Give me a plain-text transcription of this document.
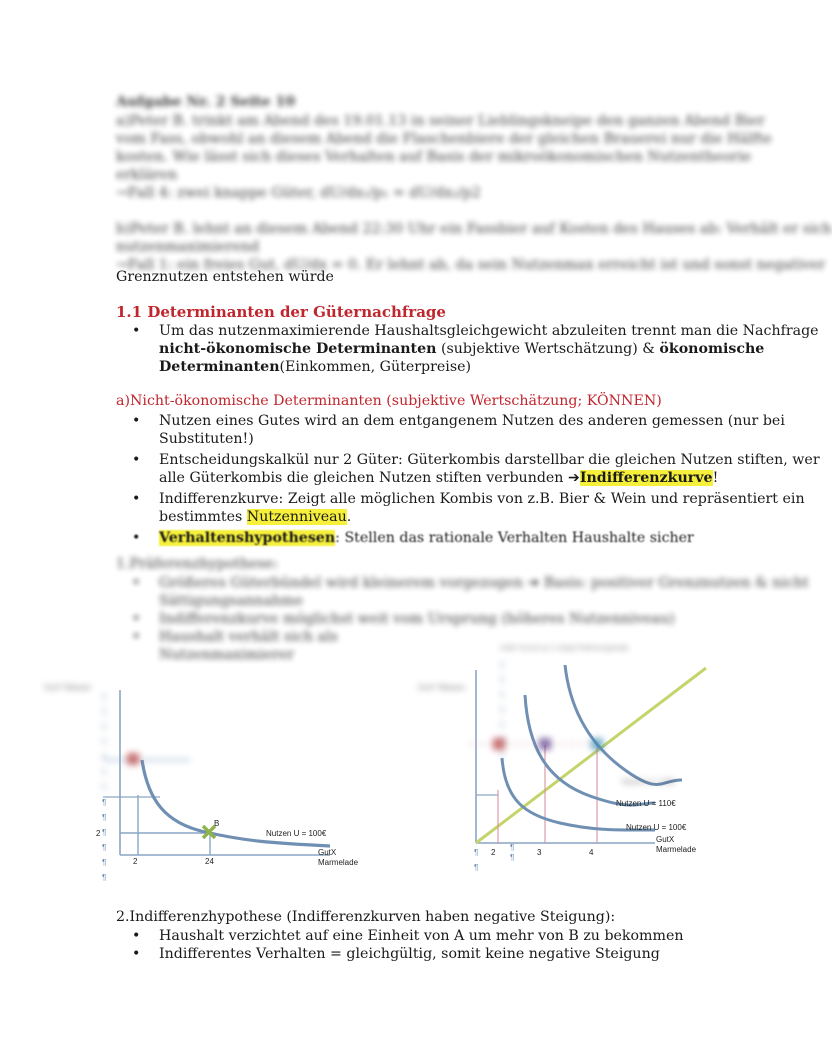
Aufgabe Nr. 2 Seite 10
a)Peter B. trinkt am Abend des 19.01.13 in seiner Lieblingskneipe den ganzen Abend Bier
vom Fass, obwohl an diesem Abend die Flaschenbiere der gleichen Brauerei nur die Hälfte
kosten. Wie lässt sich dieses Verhalten auf Basis der mikroökonomischen Nutzentheorie
erklären
→Fall 4: zwei knappe Güter, dU/dx₁/p₁ = dU/dx₂/p2
b)Peter B. lehnt an diesem Abend 22:30 Uhr ein Fassbier auf Kosten des Hauses ab: Verhält er sich
nutzenmaximierend
→Fall 1: ein freies Gut, dU/dx = 0. Er lehnt ab, da sein Nutzenmax erreicht ist und sonst negativer
Grenznutzen entstehen würde
1.1 Determinanten der Güternachfrage
• Um das nutzenmaximierende Haushaltsgleichgewicht abzuleiten trennt man die Nachfrage
nicht-ökonomische Determinanten (subjektive Wertschätzung) & ökonomische
Determinanten(Einkommen, Güterpreise)
a)Nicht-ökonomische Determinanten (subjektive Wertschätzung; KÖNNEN)
• Nutzen eines Gutes wird an dem entgangenem Nutzen des anderen gemessen (nur bei
Substituten!)
• Entscheidungskalkül nur 2 Güter: Güterkombis darstellbar die gleichen Nutzen stiften, wer
alle Güterkombis die gleichen Nutzen stiften verbunden ➔Indifferenzkurve!
• Indifferenzkurve: Zeigt alle möglichen Kombis von z.B. Bier & Wein und repräsentiert ein
bestimmtes Nutzenniveau.
• Verhaltenshypothesen: Stellen das rationale Verhalten Haushalte sicher
1.Präferenzhypothese:
• Größeres Güterbündel wird kleinerem vorgezogen ➔ Basis: positiver Grenznutzen & nicht
Sättigungsannahme
• Indifferenzkurve möglichst weit vom Ursprung (höheres Nutzenniveau)
• Haushalt verhält sich als
Nutzenmaximierer
GutY Wasser
¶
¶
¶
¶
¶
¶
¶
¶
¶
¶
¶
¶
¶
B
Nutzen U = 100€
GutX
Marmelade
2
2	24
Indiff.-Kurven je U steigt Präferenzgerade
GutY Wasser
¶
¶
¶
¶
¶
¶
Nutzen U = 120€
Nutzen U = 110€
Nutzen U = 100€
GutX
Marmelade
2	3	4
¶
¶
¶
¶
2.Indifferenzhypothese (Indifferenzkurven haben negative Steigung):
• Haushalt verzichtet auf eine Einheit von A um mehr von B zu bekommen
• Indifferentes Verhalten = gleichgültig, somit keine negative Steigung
